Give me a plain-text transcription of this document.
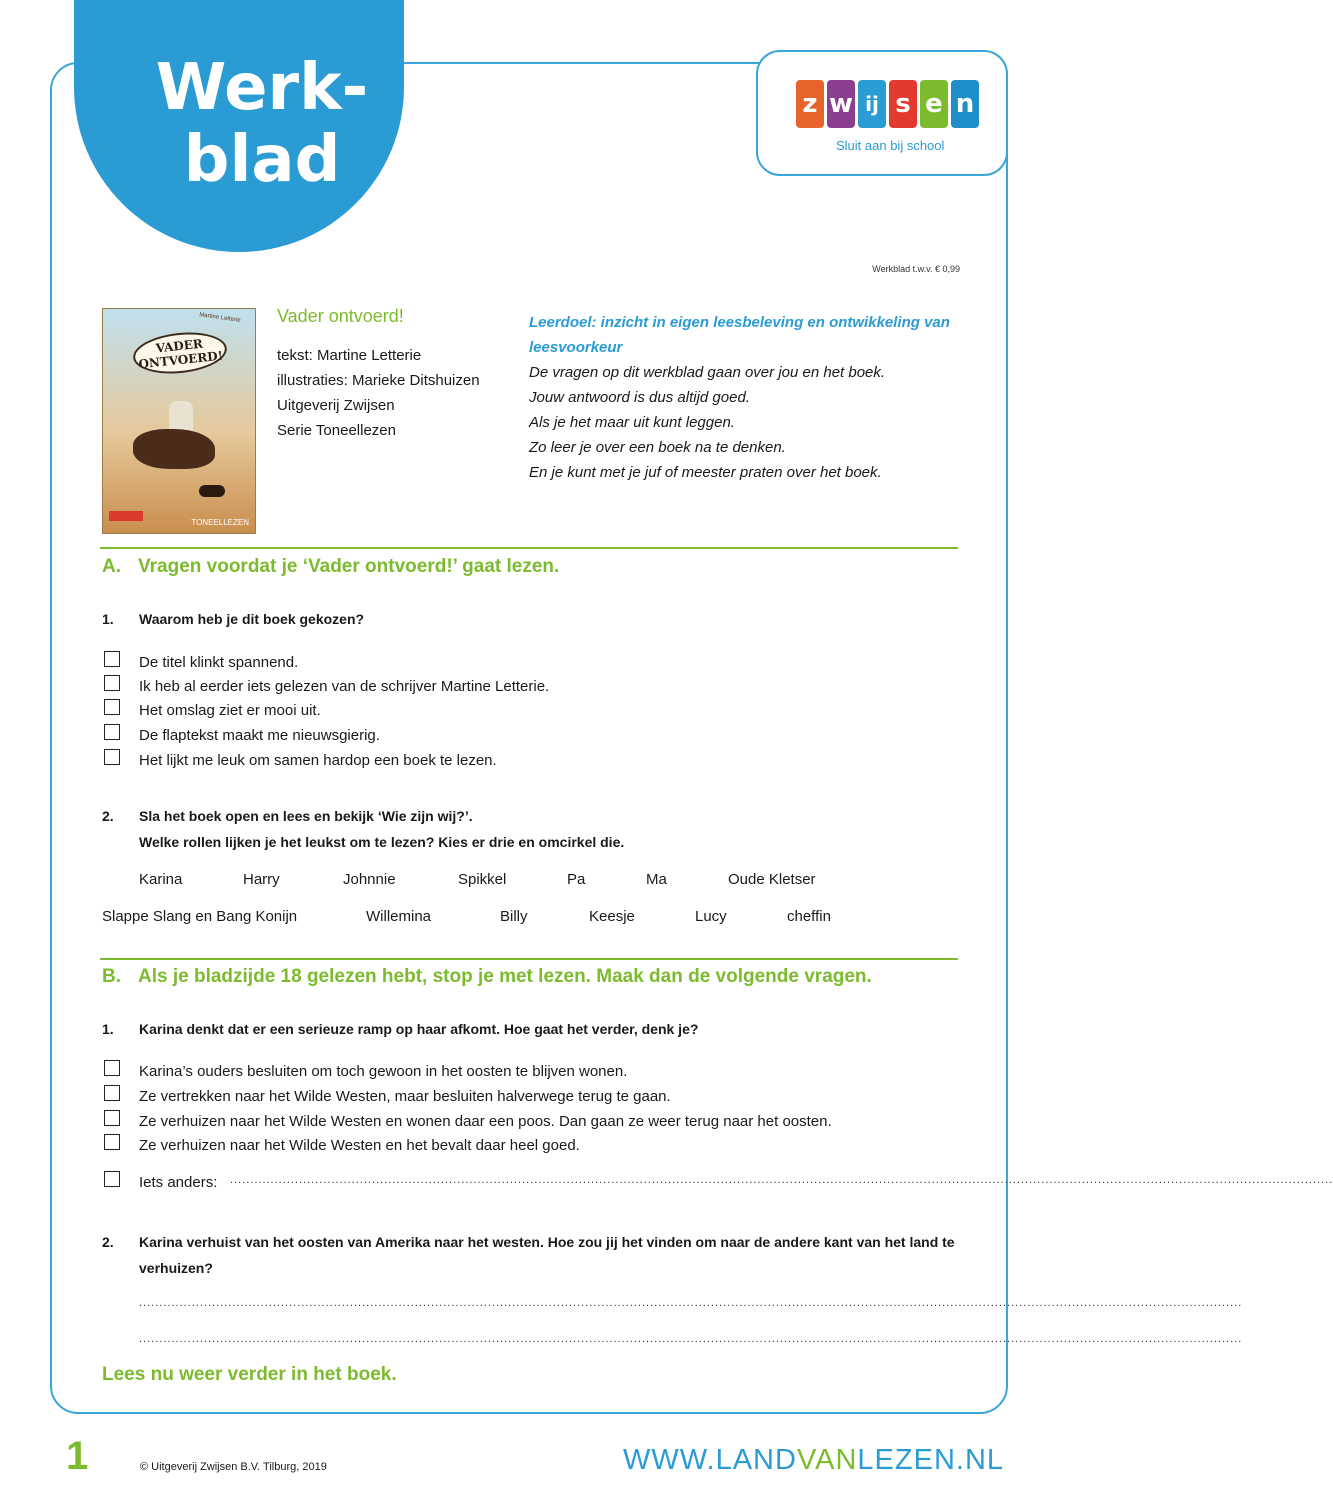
Werk-
blad
z w ij s e n
Sluit aan bij school
Werkblad t.w.v. € 0,99
Martine Letterie
VADER ONTVOERD!
TONEELLEZEN
Vader ontvoerd!
tekst: Martine Letterie
illustraties: Marieke Ditshuizen
Uitgeverij Zwijsen
Serie Toneellezen
Leerdoel: inzicht in eigen leesbeleving en ontwikkeling van leesvoorkeur
De vragen op dit werkblad gaan over jou en het boek.
Jouw antwoord is dus altijd goed.
Als je het maar uit kunt leggen.
Zo leer je over een boek na te denken.
En je kunt met je juf of meester praten over het boek.
A. Vragen voordat je ‘Vader ontvoerd!’ gaat lezen.
1. Waarom heb je dit boek gekozen?
De titel klinkt spannend.
Ik heb al eerder iets gelezen van de schrijver Martine Letterie.
Het omslag ziet er mooi uit.
De flaptekst maakt me nieuwsgierig.
Het lijkt me leuk om samen hardop een boek te lezen.
2. Sla het boek open en lees en bekijk ‘Wie zijn wij?’.
Welke rollen lijken je het leukst om te lezen? Kies er drie en omcirkel die.
Karina	Harry	Johnnie	Spikkel	Pa	Ma	Oude Kletser
Slappe Slang en Bang Konijn	Willemina	Billy	Keesje	Lucy	cheffin
B. Als je bladzijde 18 gelezen hebt, stop je met lezen. Maak dan de volgende vragen.
1. Karina denkt dat er een serieuze ramp op haar afkomt. Hoe gaat het verder, denk je?
Karina’s ouders besluiten om toch gewoon in het oosten te blijven wonen.
Ze vertrekken naar het Wilde Westen, maar besluiten halverwege terug te gaan.
Ze verhuizen naar het Wilde Westen en wonen daar een poos. Dan gaan ze weer terug naar het oosten.
Ze verhuizen naar het Wilde Westen en het bevalt daar heel goed.
Iets anders: ................................................................................................................................................................................................................................................................................
2. Karina verhuist van het oosten van Amerika naar het westen. Hoe zou jij het vinden om naar de andere kant van het land te verhuizen?
................................................................................................................................................................................................................................................................................
................................................................................................................................................................................................................................................................................
Lees nu weer verder in het boek.
1	© Uitgeverij Zwijsen B.V. Tilburg, 2019	WWW.LANDVANLEZEN.NL
